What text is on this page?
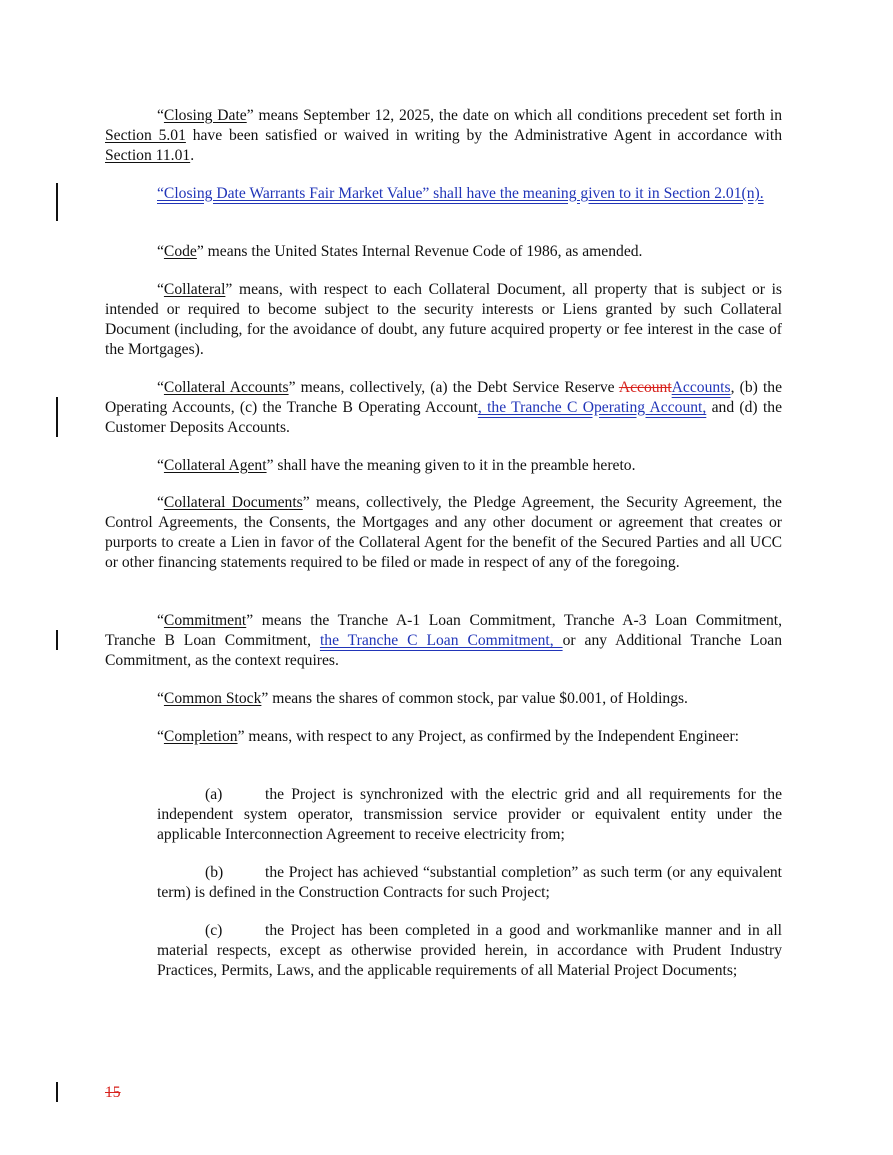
“Closing Date” means September 12, 2025, the date on which all conditions precedent set forth in Section 5.01 have been satisfied or waived in writing by the Administrative Agent in accordance with Section 11.01.
“Closing Date Warrants Fair Market Value” shall have the meaning given to it in Section 2.01(n).
“Code” means the United States Internal Revenue Code of 1986, as amended.
“Collateral” means, with respect to each Collateral Document, all property that is subject or is intended or required to become subject to the security interests or Liens granted by such Collateral Document (including, for the avoidance of doubt, any future acquired property or fee interest in the case of the Mortgages).
“Collateral Accounts” means, collectively, (a) the Debt Service Reserve AccountAccounts, (b) the Operating Accounts, (c) the Tranche B Operating Account, the Tranche C Operating Account, and (d) the Customer Deposits Accounts.
“Collateral Agent” shall have the meaning given to it in the preamble hereto.
“Collateral Documents” means, collectively, the Pledge Agreement, the Security Agreement, the Control Agreements, the Consents, the Mortgages and any other document or agreement that creates or purports to create a Lien in favor of the Collateral Agent for the benefit of the Secured Parties and all UCC or other financing statements required to be filed or made in respect of any of the foregoing.
“Commitment” means the Tranche A-1 Loan Commitment, Tranche A-3 Loan Commitment, Tranche B Loan Commitment, the Tranche C Loan Commitment, or any Additional Tranche Loan Commitment, as the context requires.
“Common Stock” means the shares of common stock, par value $0.001, of Holdings.
“Completion” means, with respect to any Project, as confirmed by the Independent Engineer:
(a)	the Project is synchronized with the electric grid and all requirements for the independent system operator, transmission service provider or equivalent entity under the applicable Interconnection Agreement to receive electricity from;
(b)	the Project has achieved “substantial completion” as such term (or any equivalent term) is defined in the Construction Contracts for such Project;
(c)	the Project has been completed in a good and workmanlike manner and in all material respects, except as otherwise provided herein, in accordance with Prudent Industry Practices, Permits, Laws, and the applicable requirements of all Material Project Documents;
15
